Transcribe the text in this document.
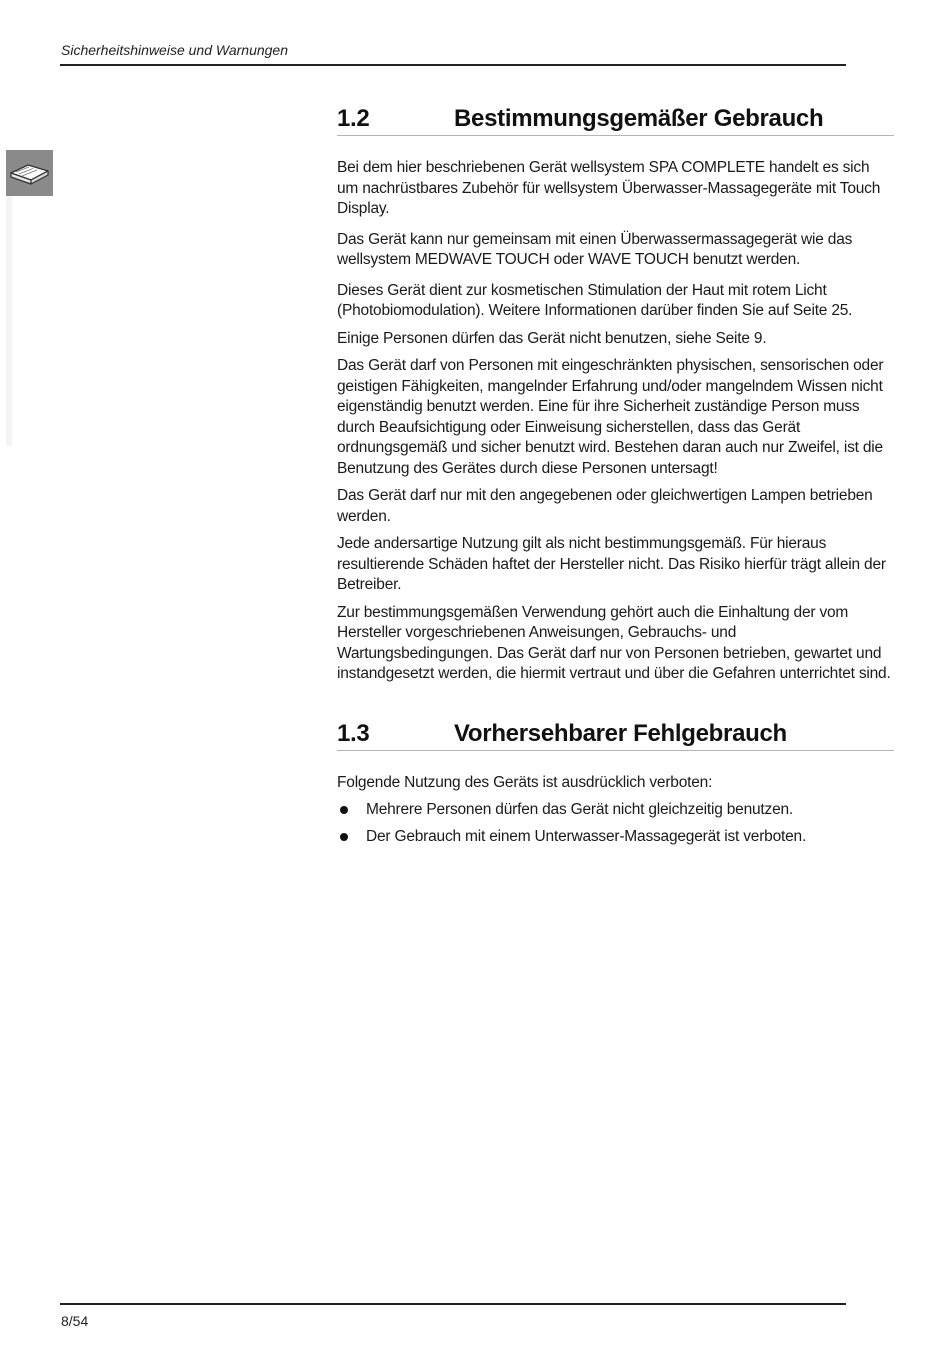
Sicherheitshinweise und Warnungen
1.2	Bestimmungsgemäßer Gebrauch

Bei dem hier beschriebenen Gerät wellsystem SPA COMPLETE handelt es sich um nachrüstbares Zubehör für wellsystem Überwasser-Massagegeräte mit Touch Display.

Das Gerät kann nur gemeinsam mit einen Überwassermassagegerät wie das wellsystem MEDWAVE TOUCH oder WAVE TOUCH benutzt werden.

Dieses Gerät dient zur kosmetischen Stimulation der Haut mit rotem Licht (Photobiomodulation). Weitere Informationen darüber finden Sie auf Seite 25.

Einige Personen dürfen das Gerät nicht benutzen, siehe Seite 9.

Das Gerät darf von Personen mit eingeschränkten physischen, sensorischen oder geistigen Fähigkeiten, mangelnder Erfahrung und/oder mangelndem Wissen nicht eigenständig benutzt werden. Eine für ihre Sicherheit zuständige Person muss durch Beaufsichtigung oder Einweisung sicherstellen, dass das Gerät ordnungsgemäß und sicher benutzt wird. Bestehen daran auch nur Zweifel, ist die Benutzung des Gerätes durch diese Personen untersagt!

Das Gerät darf nur mit den angegebenen oder gleichwertigen Lampen betrieben werden.

Jede andersartige Nutzung gilt als nicht bestimmungsgemäß. Für hieraus resultierende Schäden haftet der Hersteller nicht. Das Risiko hierfür trägt allein der Betreiber.

Zur bestimmungsgemäßen Verwendung gehört auch die Einhaltung der vom Hersteller vorgeschriebenen Anweisungen, Gebrauchs- und Wartungsbedingungen. Das Gerät darf nur von Personen betrieben, gewartet und instandgesetzt werden, die hiermit vertraut und über die Gefahren unterrichtet sind.

1.3	Vorhersehbarer Fehlgebrauch

Folgende Nutzung des Geräts ist ausdrücklich verboten:

Mehrere Personen dürfen das Gerät nicht gleichzeitig benutzen.
Der Gebrauch mit einem Unterwasser-Massagegerät ist verboten.
8/54
